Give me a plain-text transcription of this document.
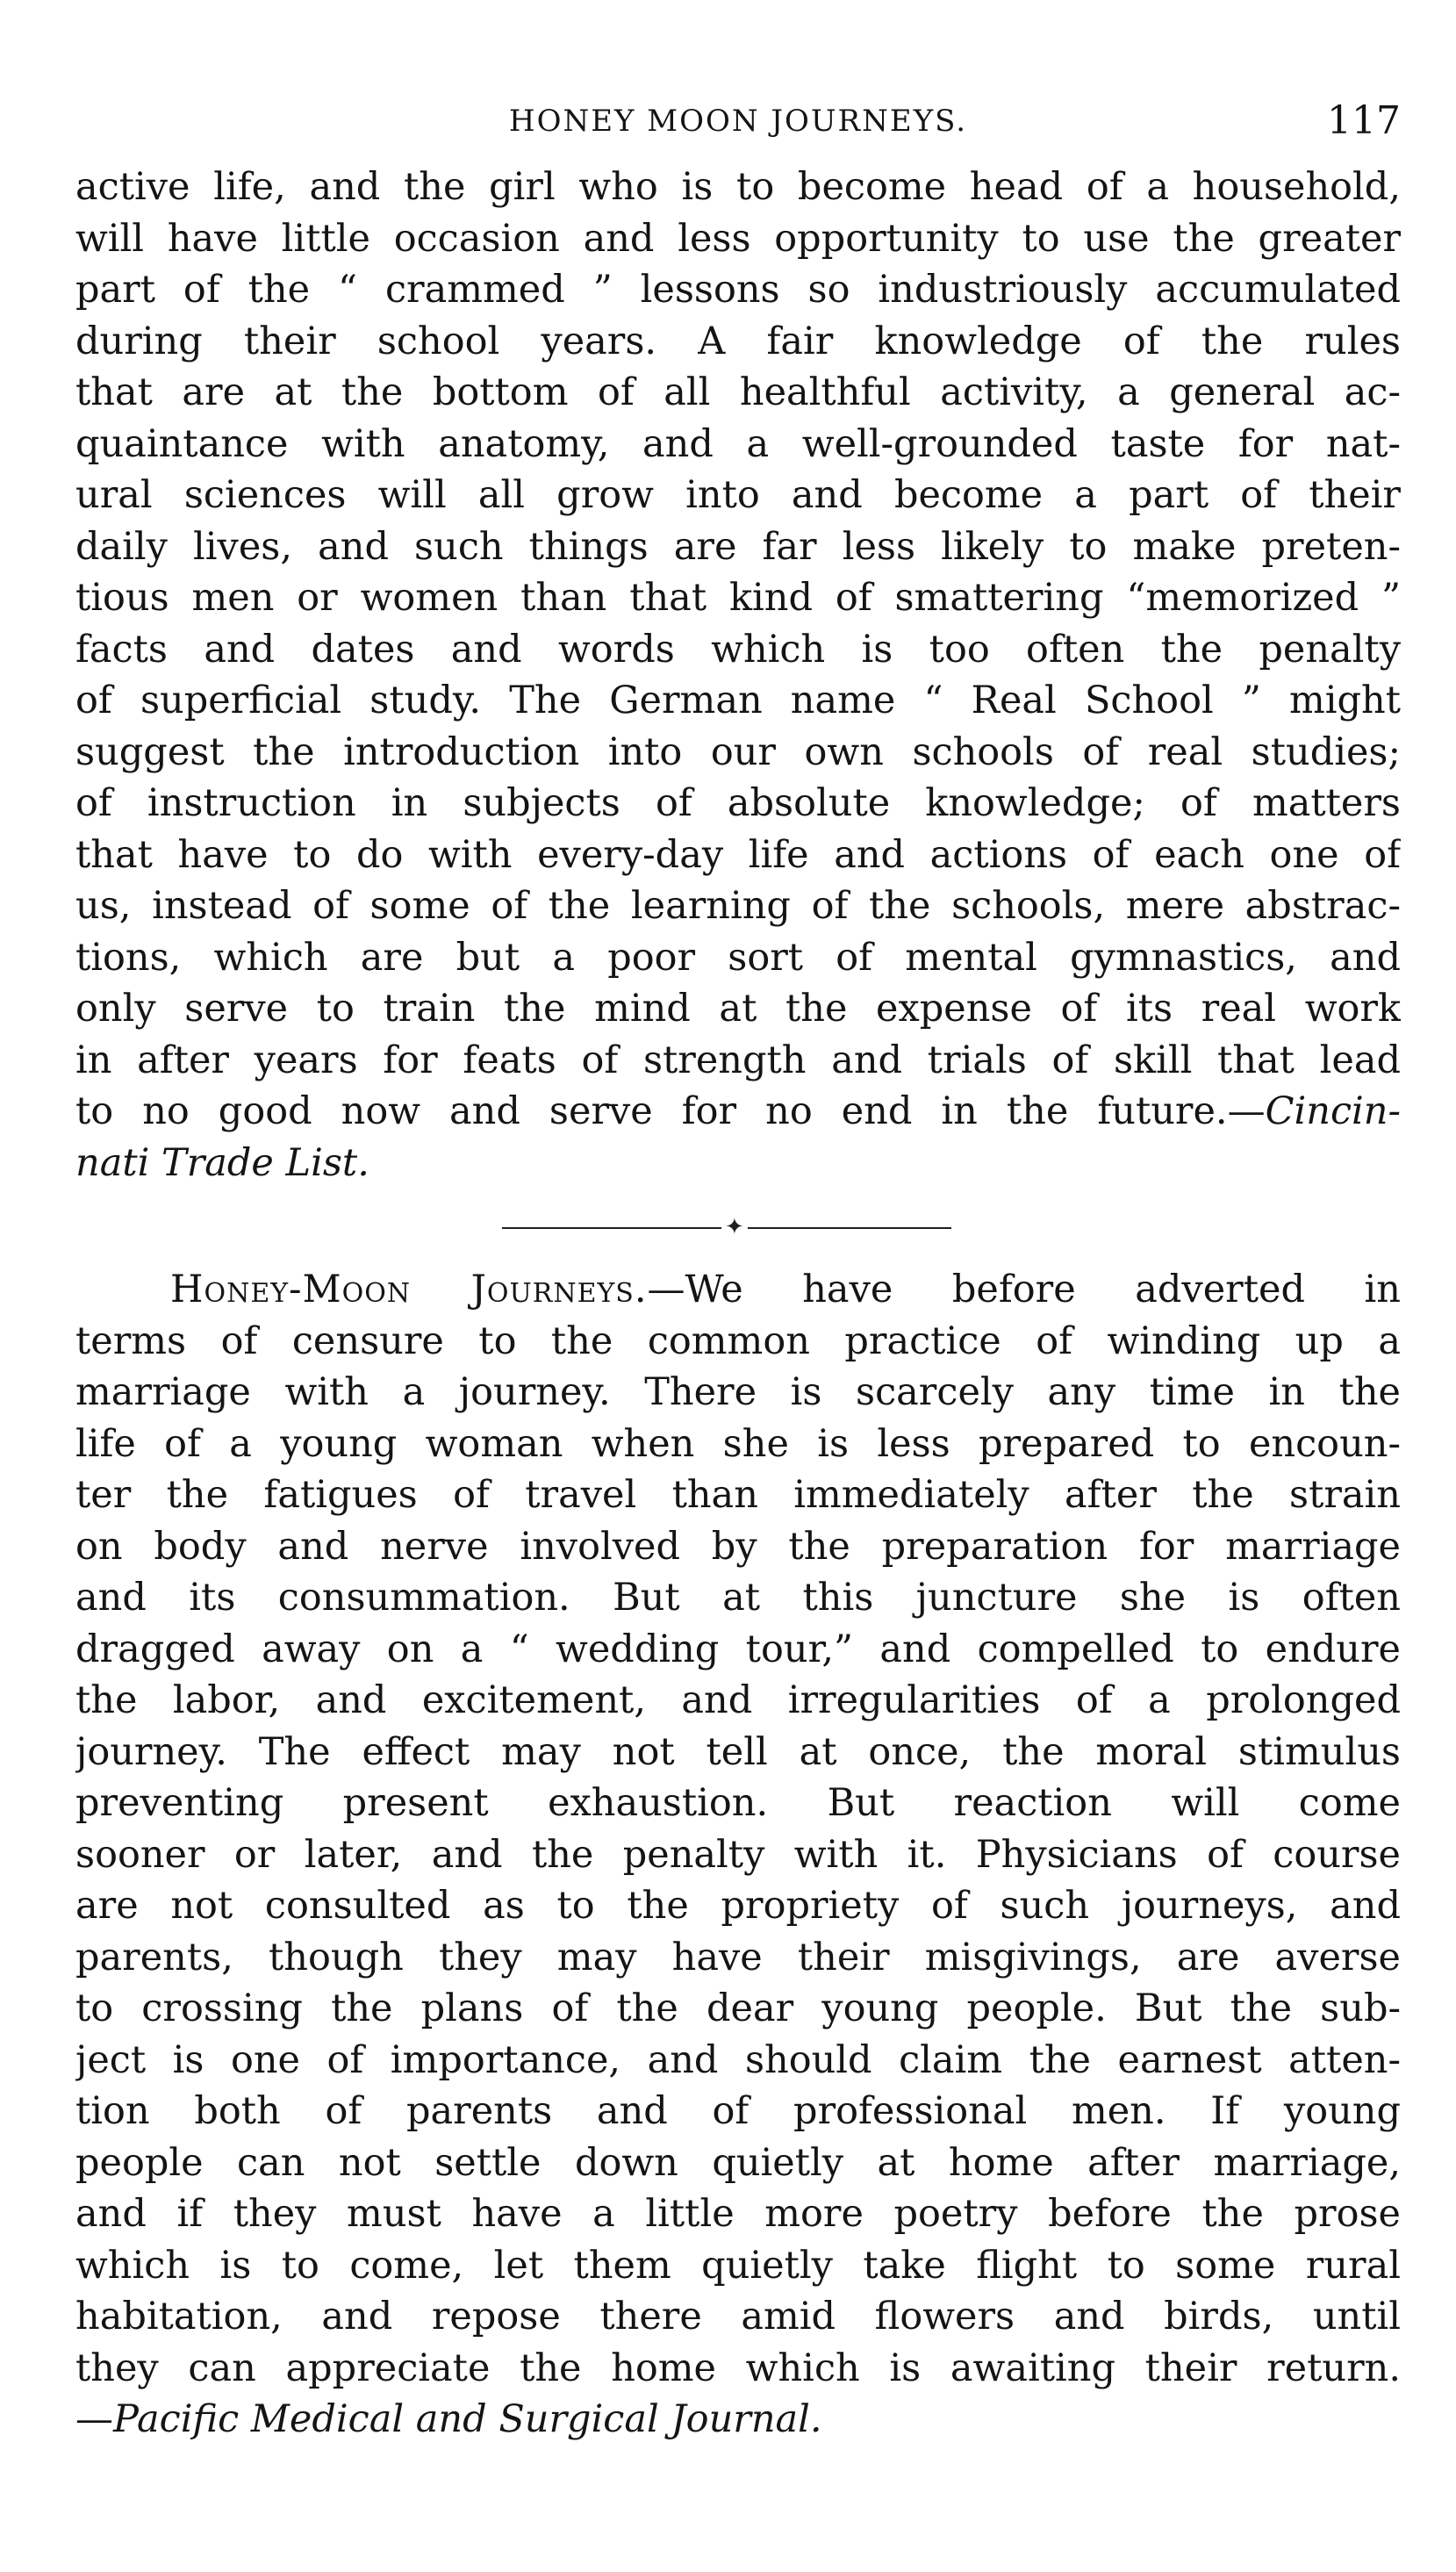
HONEY MOON JOURNEYS.	117

active life, and the girl who is to become head of a household,
will have little occasion and less opportunity to use the greater
part of the “ crammed ” lessons so industriously accumulated
during their school years. A fair knowledge of the rules
that are at the bottom of all healthful activity, a general ac-
quaintance with anatomy, and a well-grounded taste for nat-
ural sciences will all grow into and become a part of their
daily lives, and such things are far less likely to make preten-
tious men or women than that kind of smattering “memorized ”
facts and dates and words which is too often the penalty
of superficial study. The German name “ Real School ” might
suggest the introduction into our own schools of real studies;
of instruction in subjects of absolute knowledge; of matters
that have to do with every-day life and actions of each one of
us, instead of some of the learning of the schools, mere abstrac-
tions, which are but a poor sort of mental gymnastics, and
only serve to train the mind at the expense of its real work
in after years for feats of strength and trials of skill that lead
to no good now and serve for no end in the future.—Cincin-
nati Trade List.

✦

Honey-Moon Journeys.—We have before adverted in
terms of censure to the common practice of winding up a
marriage with a journey. There is scarcely any time in the
life of a young woman when she is less prepared to encoun-
ter the fatigues of travel than immediately after the strain
on body and nerve involved by the preparation for marriage
and its consummation. But at this juncture she is often
dragged away on a “ wedding tour,” and compelled to endure
the labor, and excitement, and irregularities of a prolonged
journey. The effect may not tell at once, the moral stimulus
preventing present exhaustion. But reaction will come
sooner or later, and the penalty with it. Physicians of course
are not consulted as to the propriety of such journeys, and
parents, though they may have their misgivings, are averse
to crossing the plans of the dear young people. But the sub-
ject is one of importance, and should claim the earnest atten-
tion both of parents and of professional men. If young
people can not settle down quietly at home after marriage,
and if they must have a little more poetry before the prose
which is to come, let them quietly take flight to some rural
habitation, and repose there amid flowers and birds, until
they can appreciate the home which is awaiting their return.
—Pacific Medical and Surgical Journal.
